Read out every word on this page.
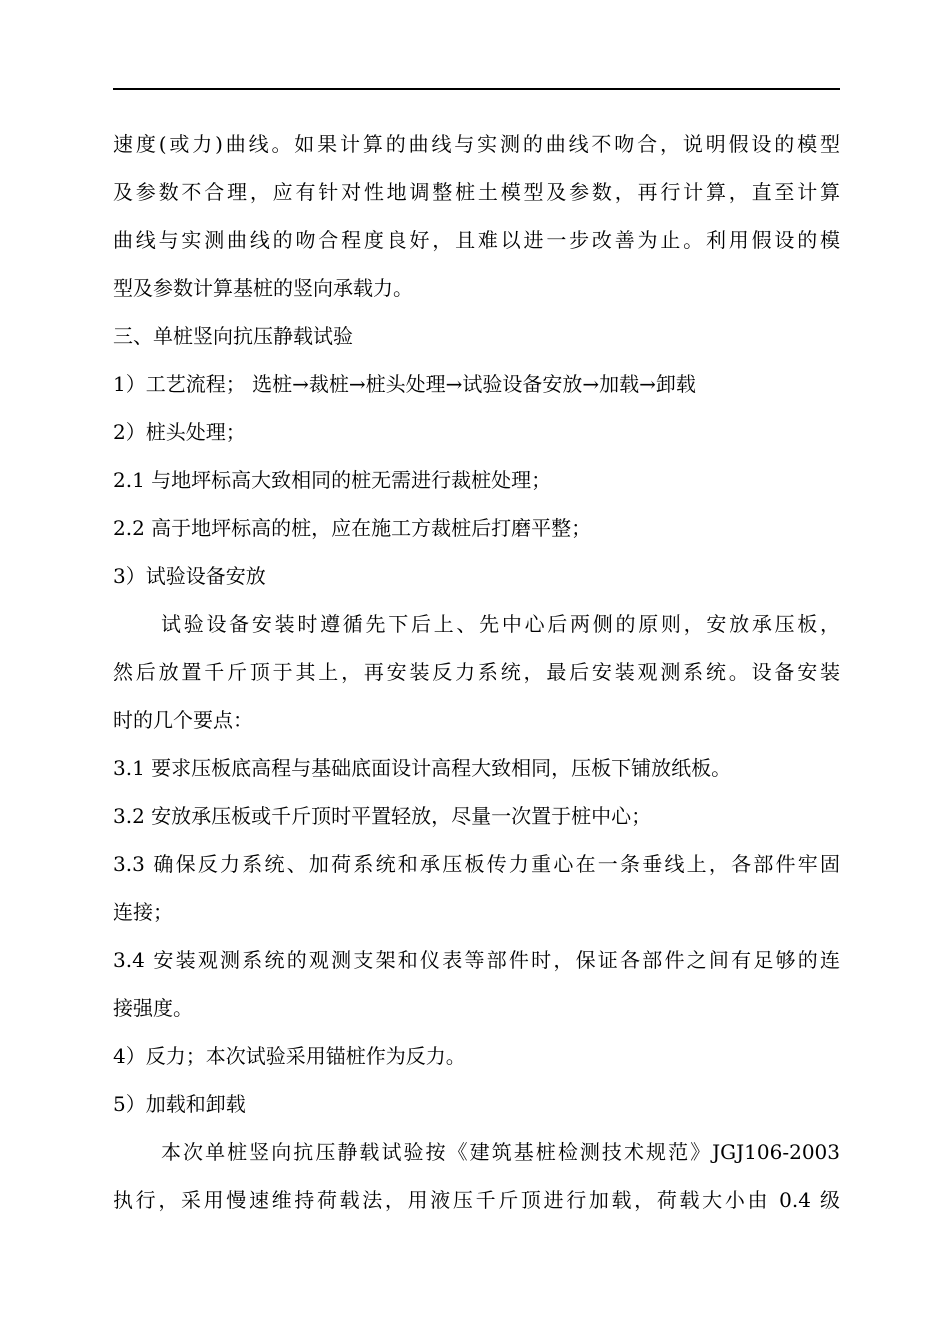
速度(或力)曲线。如果计算的曲线与实测的曲线不吻合，说明假设的模型
及参数不合理，应有针对性地调整桩土模型及参数，再行计算，直至计算
曲线与实测曲线的吻合程度良好，且难以进一步改善为止。利用假设的模
型及参数计算基桩的竖向承载力。
三、单桩竖向抗压静载试验
1）工艺流程； 选桩→裁桩→桩头处理→试验设备安放→加载→卸载
2）桩头处理；
2.1 与地坪标高大致相同的桩无需进行裁桩处理；
2.2 高于地坪标高的桩，应在施工方裁桩后打磨平整；
3）试验设备安放
试验设备安装时遵循先下后上、先中心后两侧的原则，安放承压板，
然后放置千斤顶于其上，再安装反力系统，最后安装观测系统。设备安装
时的几个要点：
3.1 要求压板底高程与基础底面设计高程大致相同，压板下铺放纸板。
3.2 安放承压板或千斤顶时平置轻放，尽量一次置于桩中心；
3.3 确保反力系统、加荷系统和承压板传力重心在一条垂线上，各部件牢固
连接；
3.4 安装观测系统的观测支架和仪表等部件时，保证各部件之间有足够的连
接强度。
4）反力；本次试验采用锚桩作为反力。
5）加载和卸载
本次单桩竖向抗压静载试验按《建筑基桩检测技术规范》JGJ106-2003
执行，采用慢速维持荷载法，用液压千斤顶进行加载，荷载大小由 0.4 级
